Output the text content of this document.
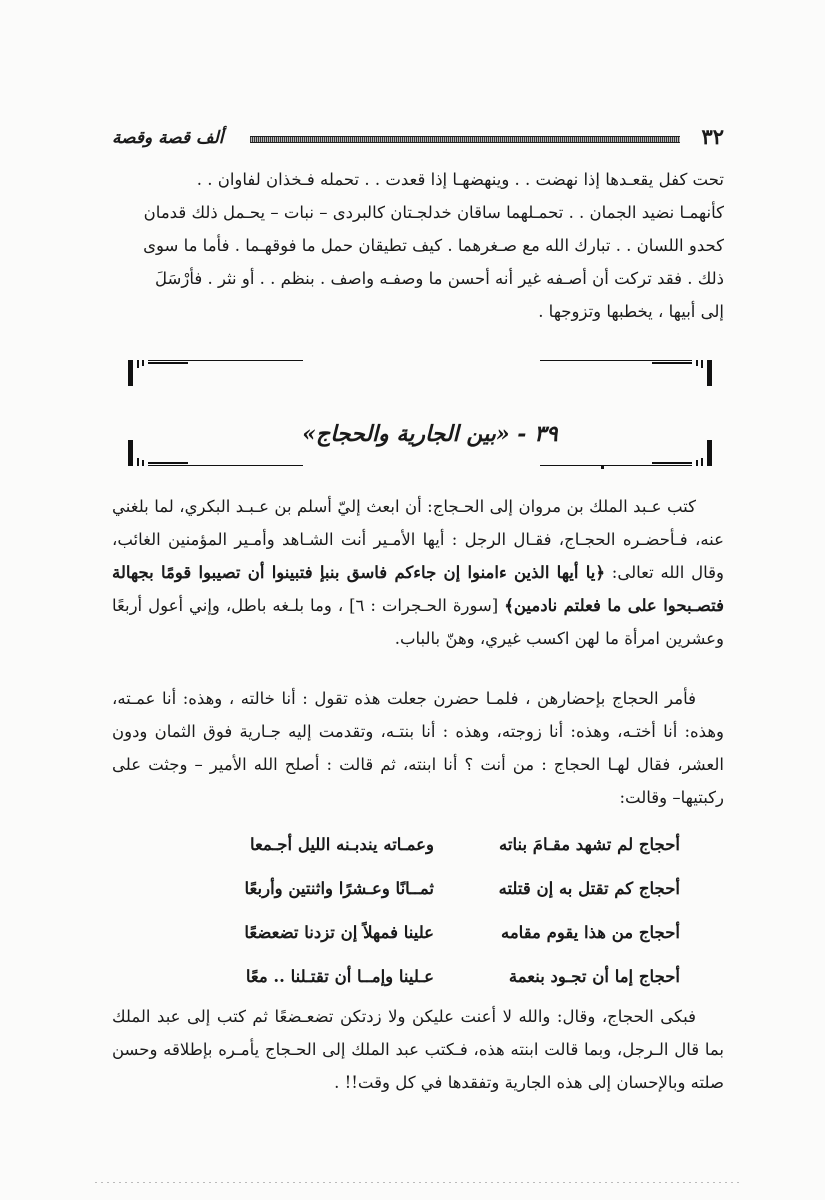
٣٢
ألف قصة وقصة

تحت كفل يقعـدها إذا نهضت . . وينهضهـا إذا قعدت . . تحمله فـخذان لفاوان . .

كأنهمـا نضيد الجمان . . تحمـلهما ساقان خدلجـتان كالبردى – نبات – يحـمل ذلك قدمان

كحدو اللسان . . تبارك الله مع صـغرهما . كيف تطيقان حمل ما فوقهـما . فأما ما سوى

ذلك . فقد تركت أن أصـفه غير أنه أحسن ما وصفـه واصف . بنظم . . أو نثر . فأرْسَلَ

إلى أبيها ، يخطبها وتزوجها .

٣٩ - «بين الجارية والحجاج»

كتب عـبد الملك بن مروان إلى الحـجاج: أن ابعث إليّ أسلم بن عـبـد البكري، لما بلغني عنه، فـأحضـره الحجـاج، فقـال الرجل : أيها الأمـير أنت الشـاهد وأمـير المؤمنين الغائب، وقال الله تعالى: ﴿يا أيها الذين ءامنوا إن جاءكم فاسق بنبإ فتبينوا أن تصيبوا قومًا بجهالة فتصـبحوا على ما فعلتم نادمين﴾ [سورة الحـجرات : ٦] ، وما بلـغه باطل، وإني أعول أربعًا وعشرين امرأة ما لهن اكسب غيري، وهنّ بالباب.

فأمر الحجاج بإحضارهن ، فلمـا حضرن جعلت هذه تقول : أنا خالته ، وهذه: أنا عمـته، وهذه: أنا أختـه، وهذه: أنا زوجته، وهذه : أنا بنتـه، وتقدمت إليه جـارية فوق الثمان ودون العشر، فقال لهـا الحجاج : من أنت ؟ أنا ابنته، ثم قالت : أصلح الله الأمير – وجثت على ركبتيها– وقالت:

أحجاج لم تشهد مقـامَ بناته
وعمـاته يندبـنه الليل أجـمعا
أحجاج كم تقتل به إن قتلته
ثمــانًا وعـشرًا واثنتين وأربعًا
أحجاج من هذا يقوم مقامه
علينا فمهلاً إن تزدنا تضعضعًا
أحجاج إما أن تجـود بنعمة
عـلينا وإمــا أن تقتـلنا .. معًا

فبكى الحجاج، وقال: والله لا أعنت عليكن ولا زدتكن تضعـضعًا ثم كتب إلى عبد الملك بما قال الـرجل، وبما قالت ابنته هذه، فـكتب عبد الملك إلى الحـجاج يأمـره بإطلاقه وحسن صلته وبالإحسان إلى هذه الجارية وتفقدها في كل وقت!! .
